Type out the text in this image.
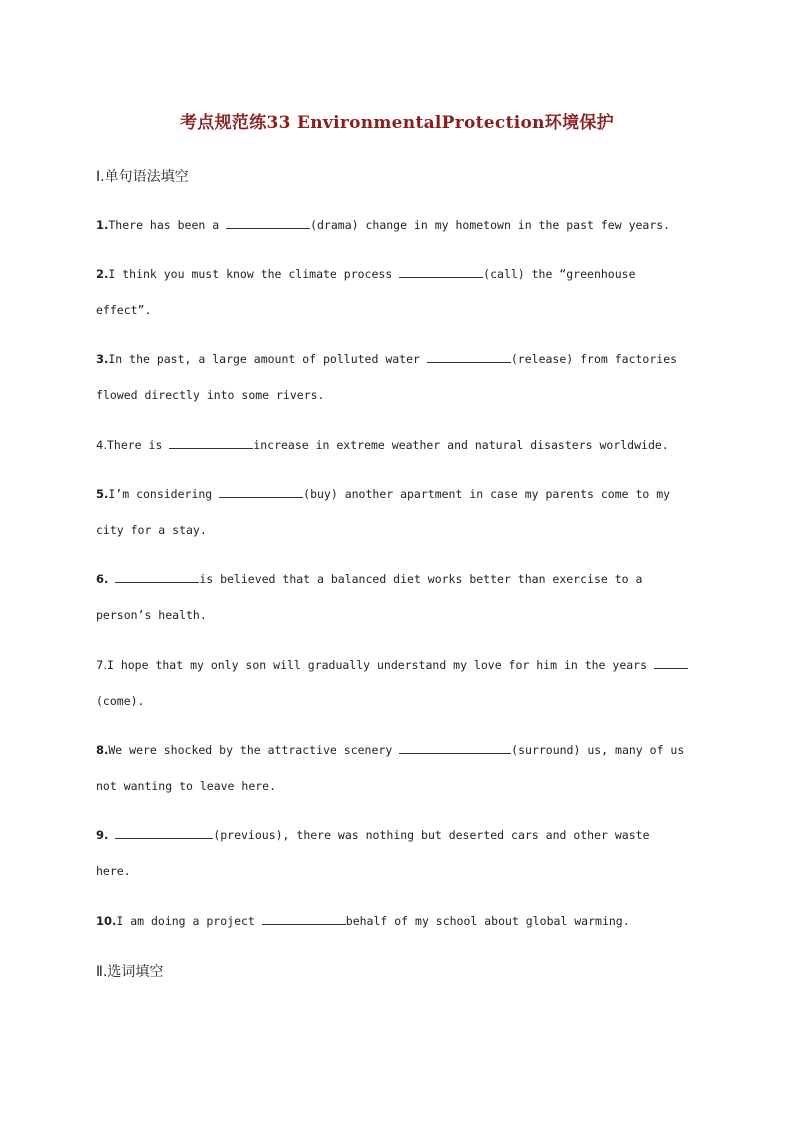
考点规范练33 EnvironmentalProtection环境保护
Ⅰ.单句语法填空
1.There has been a	(drama) change in my hometown in the past few years.
2.I think you must know the climate process	(call) the “greenhouse
effect”.
3.In the past, a large amount of polluted water	(release) from factories
flowed directly into some rivers.
4.There is	increase in extreme weather and natural disasters worldwide.
5.I’m considering	(buy) another apartment in case my parents come to my
city for a stay.
6.	is believed that a balanced diet works better than exercise to a
person’s health.
7.I hope that my only son will gradually understand my love for him in the years
(come).
8.We were shocked by the attractive scenery	(surround) us, many of us
not wanting to leave here.
9.	(previous), there was nothing but deserted cars and other waste
here.
10.I am doing a project	behalf of my school about global warming.
Ⅱ.选词填空
